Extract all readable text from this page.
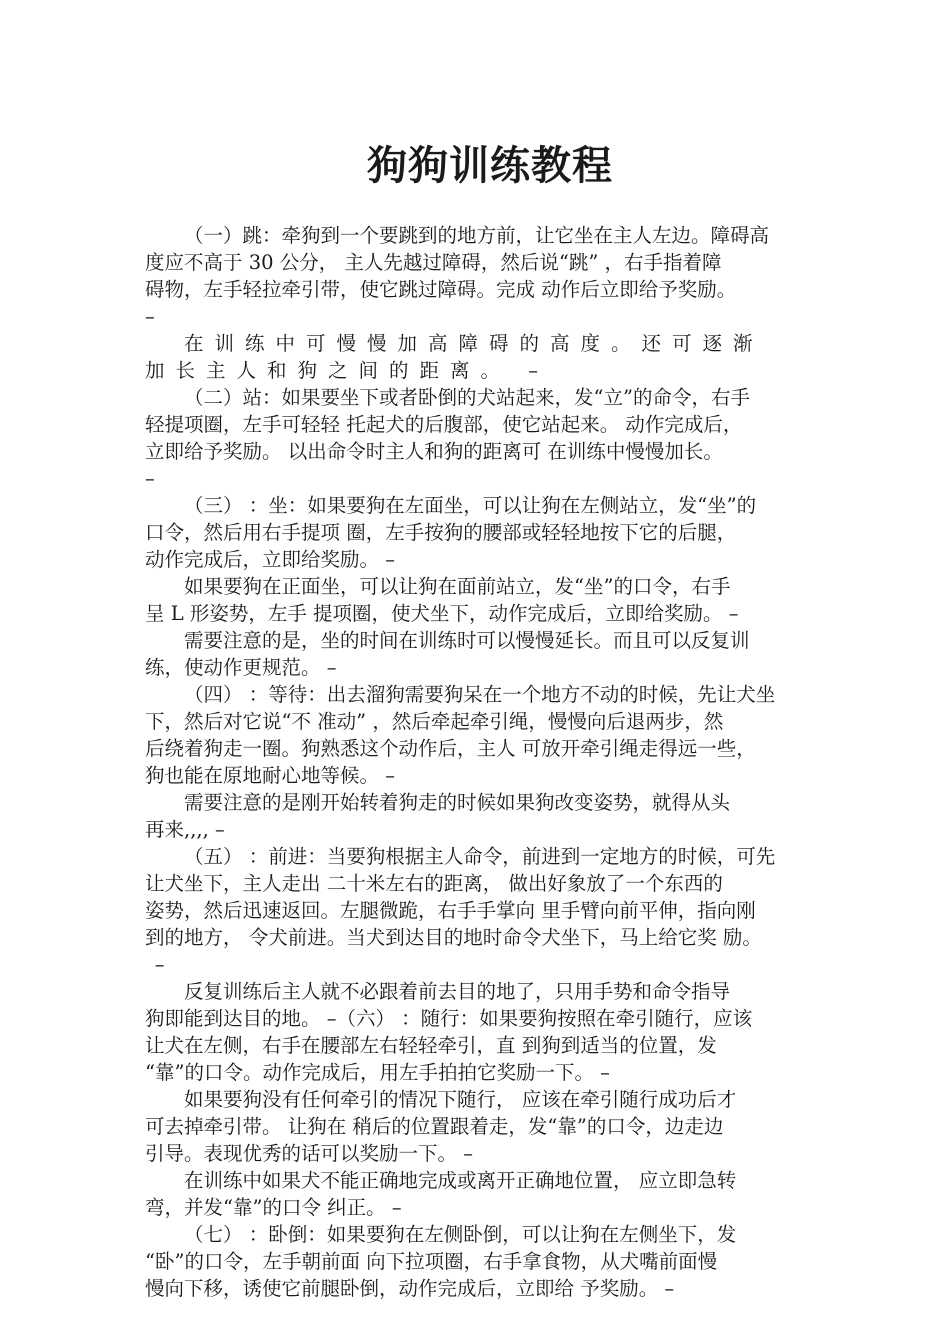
狗狗训练教程

（一）跳：牵狗到一个要跳到的地方前，让它坐在主人左边。障碍高
度应不高于 30 公分， 主人先越过障碍，然后说“跳” ，右手指着障
碍物，左手轻拉牵引带，使它跳过障碍。完成 动作后立即给予奖励。
–

在训练中可慢慢加高障碍的高度。还可逐渐
加长主人和狗之间的距离。 –

（二）站：如果要坐下或者卧倒的犬站起来，发“立”的命令，右手
轻提项圈，左手可轻轻 托起犬的后腹部，使它站起来。 动作完成后，
立即给予奖励。 以出命令时主人和狗的距离可 在训练中慢慢加长。
–

（三） ：坐：如果要狗在左面坐，可以让狗在左侧站立，发“坐”的
口令，然后用右手提项 圈，左手按狗的腰部或轻轻地按下它的后腿，
动作完成后，立即给奖励。 –

如果要狗在正面坐，可以让狗在面前站立，发“坐”的口令，右手
呈 L 形姿势，左手 提项圈，使犬坐下，动作完成后，立即给奖励。 –

需要注意的是，坐的时间在训练时可以慢慢延长。而且可以反复训
练，使动作更规范。 –

（四） ：等待：出去溜狗需要狗呆在一个地方不动的时候，先让犬坐
下，然后对它说“不 准动” ，然后牵起牵引绳，慢慢向后退两步，然
后绕着狗走一圈。狗熟悉这个动作后，主人 可放开牵引绳走得远一些，
狗也能在原地耐心地等候。 –

需要注意的是刚开始转着狗走的时候如果狗改变姿势，就得从头
再来,,,, –

（五） ：前进：当要狗根据主人命令，前进到一定地方的时候，可先
让犬坐下，主人走出 二十米左右的距离， 做出好象放了一个东西的
姿势，然后迅速返回。左腿微跪，右手手掌向 里手臂向前平伸，指向刚
到的地方， 令犬前进。当犬到达目的地时命令犬坐下，马上给它奖 励。
–

反复训练后主人就不必跟着前去目的地了，只用手势和命令指导
狗即能到达目的地。 –（六） ：随行：如果要狗按照在牵引随行，应该
让犬在左侧，右手在腰部左右轻轻牵引，直 到狗到适当的位置，发
“靠”的口令。动作完成后，用左手拍拍它奖励一下。 –

如果要狗没有任何牵引的情况下随行， 应该在牵引随行成功后才
可去掉牵引带。 让狗在 稍后的位置跟着走，发“靠”的口令，边走边
引导。表现优秀的话可以奖励一下。 –

在训练中如果犬不能正确地完成或离开正确地位置， 应立即急转
弯，并发“靠”的口令 纠正。 –

（七） ：卧倒：如果要狗在左侧卧倒，可以让狗在左侧坐下，发
“卧”的口令，左手朝前面 向下拉项圈，右手拿食物，从犬嘴前面慢
慢向下移，诱使它前腿卧倒，动作完成后，立即给 予奖励。 –
